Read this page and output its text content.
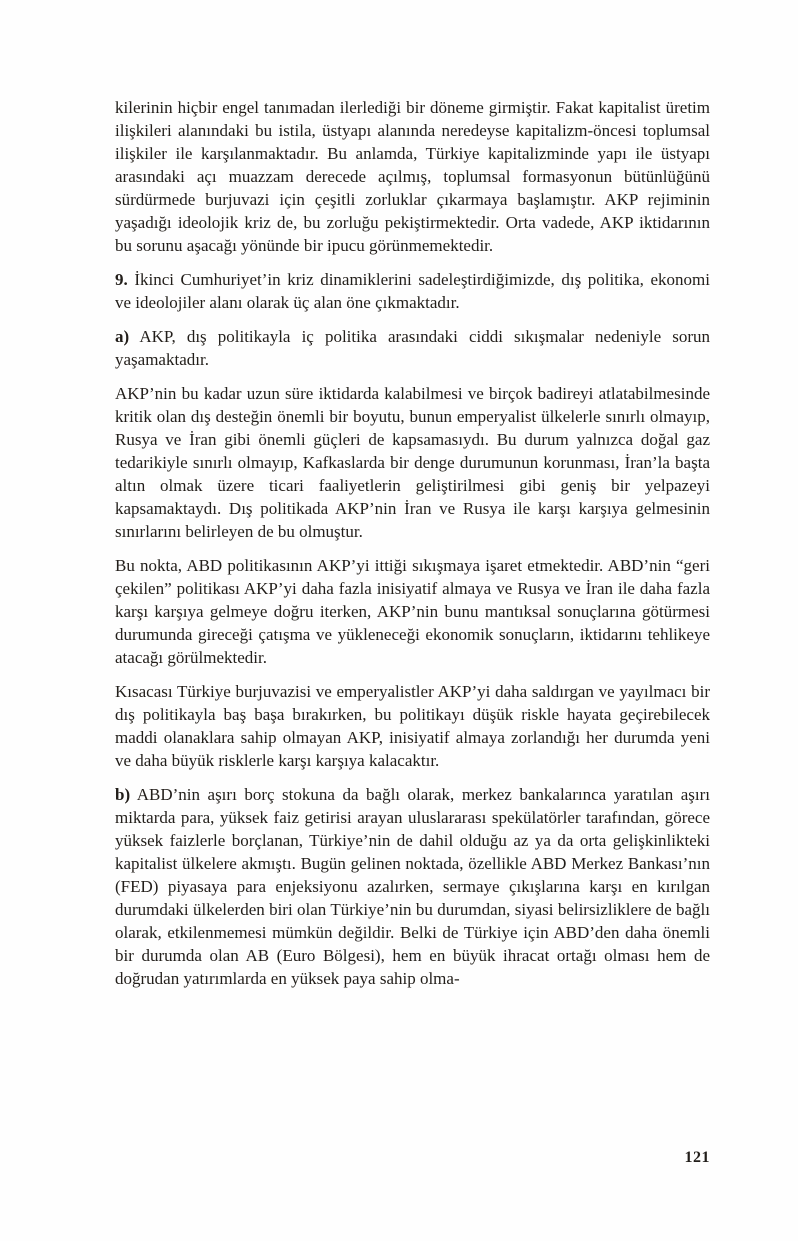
kilerinin hiçbir engel tanımadan ilerlediği bir döneme girmiştir. Fakat kapitalist üretim ilişkileri alanındaki bu istila, üstyapı alanında neredeyse kapitalizm-öncesi toplumsal ilişkiler ile karşılanmaktadır. Bu anlamda, Türkiye kapitalizminde yapı ile üstyapı arasındaki açı muazzam derecede açılmış, toplumsal formasyonun bütünlüğünü sürdürmede burjuvazi için çeşitli zorluklar çıkarmaya başlamıştır. AKP rejiminin yaşadığı ideolojik kriz de, bu zorluğu pekiştirmektedir. Orta vadede, AKP iktidarının bu sorunu aşacağı yönünde bir ipucu görünmemektedir.

9. İkinci Cumhuriyet’in kriz dinamiklerini sadeleştirdiğimizde, dış politika, ekonomi ve ideolojiler alanı olarak üç alan öne çıkmaktadır.

a) AKP, dış politikayla iç politika arasındaki ciddi sıkışmalar nedeniyle sorun yaşamaktadır.

AKP’nin bu kadar uzun süre iktidarda kalabilmesi ve birçok badireyi atlatabilmesinde kritik olan dış desteğin önemli bir boyutu, bunun emperyalist ülkelerle sınırlı olmayıp, Rusya ve İran gibi önemli güçleri de kapsamasıydı. Bu durum yalnızca doğal gaz tedarikiyle sınırlı olmayıp, Kafkaslarda bir denge durumunun korunması, İran’la başta altın olmak üzere ticari faaliyetlerin geliştirilmesi gibi geniş bir yelpazeyi kapsamaktaydı. Dış politikada AKP’nin İran ve Rusya ile karşı karşıya gelmesinin sınırlarını belirleyen de bu olmuştur.

Bu nokta, ABD politikasının AKP’yi ittiği sıkışmaya işaret etmektedir. ABD’nin “geri çekilen” politikası AKP’yi daha fazla inisiyatif almaya ve Rusya ve İran ile daha fazla karşı karşıya gelmeye doğru iterken, AKP’nin bunu mantıksal sonuçlarına götürmesi durumunda gireceği çatışma ve yükleneceği ekonomik sonuçların, iktidarını tehlikeye atacağı görülmektedir.

Kısacası Türkiye burjuvazisi ve emperyalistler AKP’yi daha saldırgan ve yayılmacı bir dış politikayla baş başa bırakırken, bu politikayı düşük riskle hayata geçirebilecek maddi olanaklara sahip olmayan AKP, inisiyatif almaya zorlandığı her durumda yeni ve daha büyük risklerle karşı karşıya kalacaktır.

b) ABD’nin aşırı borç stokuna da bağlı olarak, merkez bankalarınca yaratılan aşırı miktarda para, yüksek faiz getirisi arayan uluslararası spekülatörler tarafından, görece yüksek faizlerle borçlanan, Türkiye’nin de dahil olduğu az ya da orta gelişkinlikteki kapitalist ülkelere akmıştı. Bugün gelinen noktada, özellikle ABD Merkez Bankası’nın (FED) piyasaya para enjeksiyonu azalırken, sermaye çıkışlarına karşı en kırılgan durumdaki ülkelerden biri olan Türkiye’nin bu durumdan, siyasi belirsizliklere de bağlı olarak, etkilenmemesi mümkün değildir. Belki de Türkiye için ABD’den daha önemli bir durumda olan AB (Euro Bölgesi), hem en büyük ihracat ortağı olması hem de doğrudan yatırımlarda en yüksek paya sahip olma-

121
